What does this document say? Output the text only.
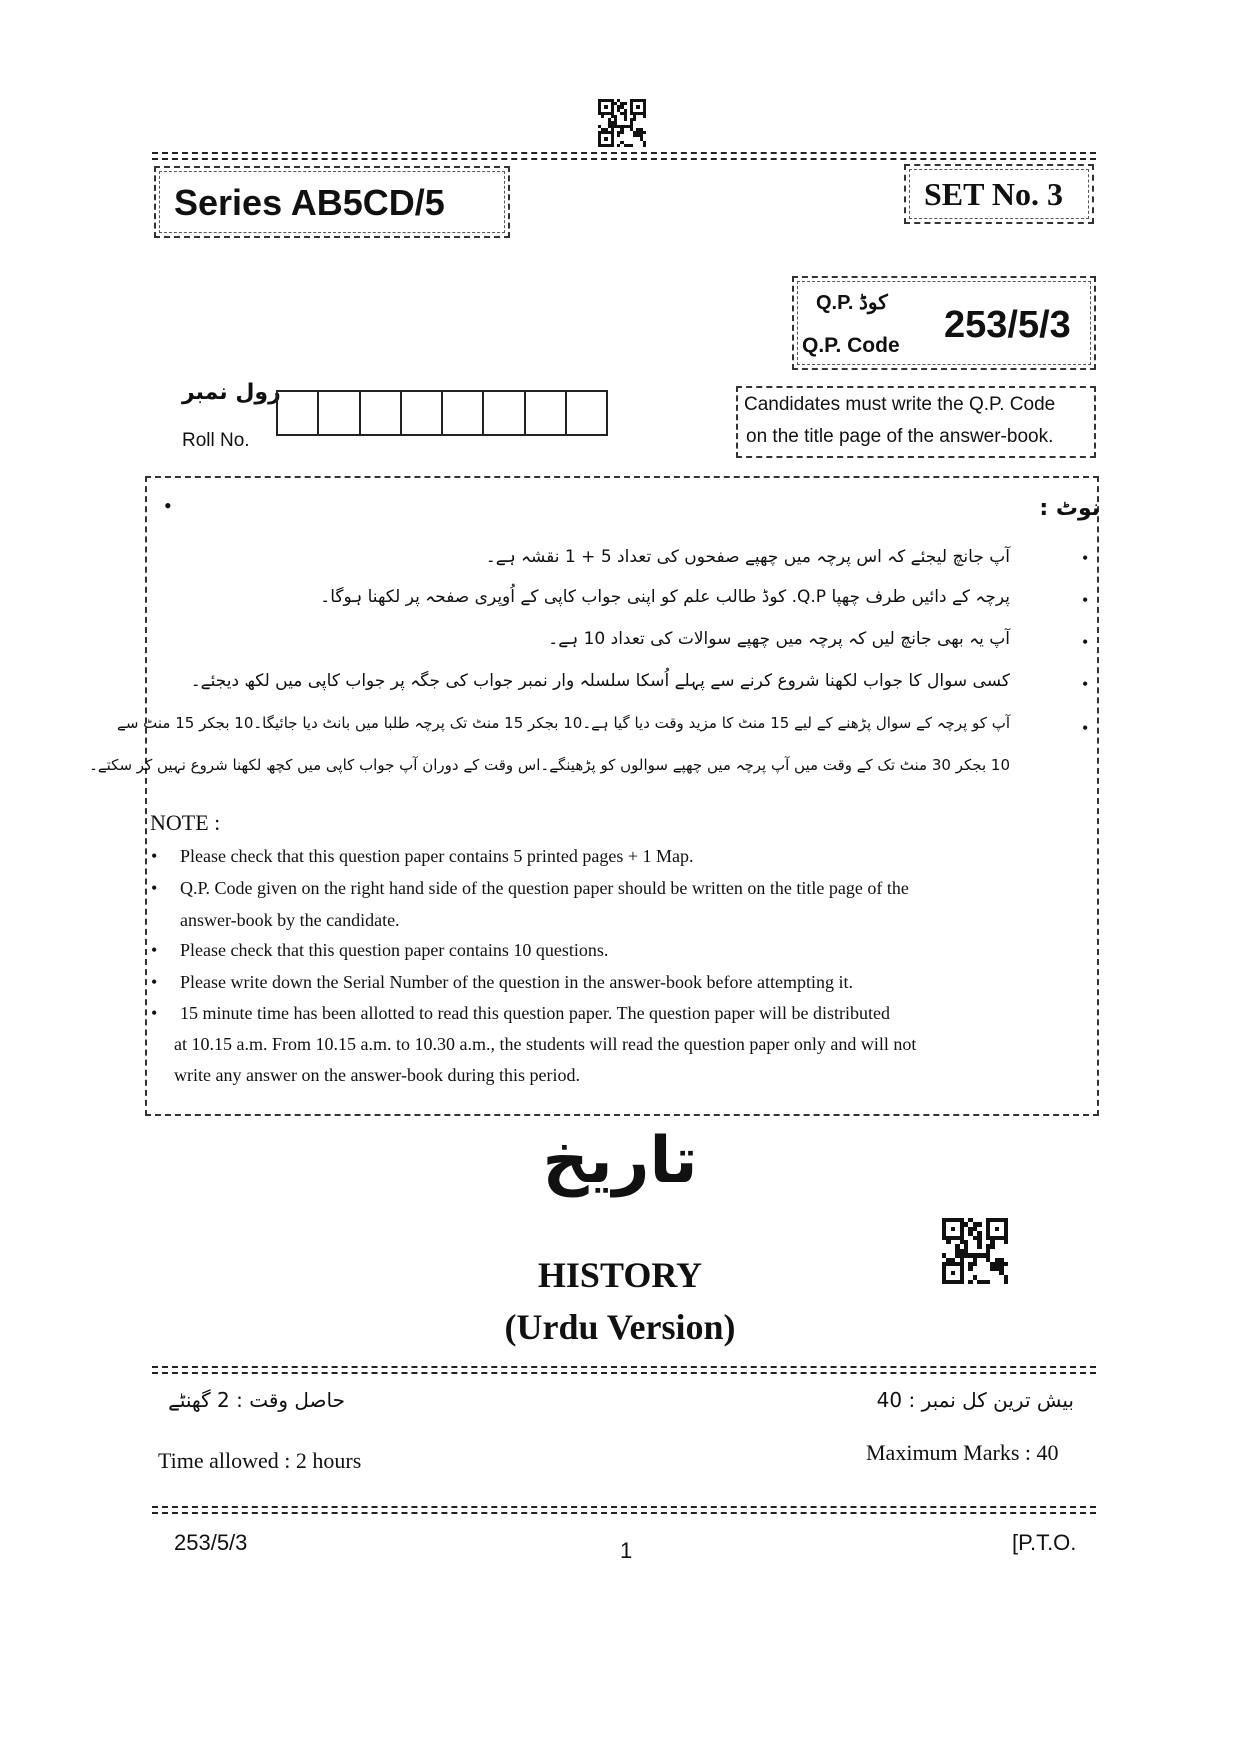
Series AB5CD/5	SET No. 3
Q.P. کوڈ
Q.P. Code 253/5/3
رول نمبر
Roll No.
Candidates must write the Q.P. Code
on the title page of the answer-book.
•	نوٹ :
•
آپ جانچ لیجئے کہ اس پرچہ میں چھپے صفحوں کی تعداد 5 + 1 نقشہ ہے۔
•
پرچہ کے دائیں طرف چھپا Q.P. کوڈ طالب علم کو اپنی جواب کاپی کے اُوپری صفحہ پر لکھنا ہوگا۔
•
آپ یہ بھی جانچ لیں کہ پرچہ میں چھپے سوالات کی تعداد 10 ہے۔
•
کسی سوال کا جواب لکھنا شروع کرنے سے پہلے اُسکا سلسلہ وار نمبر جواب کی جگہ پر جواب کاپی میں لکھ دیجئے۔
•
آپ کو پرچہ کے سوال پڑھنے کے لیے 15 منٹ کا مزید وقت دیا گیا ہے۔10 بجکر 15 منٹ تک پرچہ طلبا میں بانٹ دیا جائیگا۔10 بجکر 15 منٹ سے
10 بجکر 30 منٹ تک کے وقت میں آپ پرچہ میں چھپے سوالوں کو پڑھینگے۔اس وقت کے دوران آپ جواب کاپی میں کچھ لکھنا شروع نہیں کر سکتے۔
NOTE :
• Please check that this question paper contains 5 printed pages + 1 Map.
• Q.P. Code given on the right hand side of the question paper should be written on the title page of the
answer-book by the candidate.
• Please check that this question paper contains 10 questions.
• Please write down the Serial Number of the question in the answer-book before attempting it.
• 15 minute time has been allotted to read this question paper. The question paper will be distributed
at 10.15 a.m. From 10.15 a.m. to 10.30 a.m., the students will read the question paper only and will not
write any answer on the answer-book during this period.
تاریخ
HISTORY
(Urdu Version)
حاصل وقت : 2 گھنٹے	بیش ترین کل نمبر : 40
Time allowed : 2 hours	Maximum Marks : 40
253/5/3	1	[P.T.O.
